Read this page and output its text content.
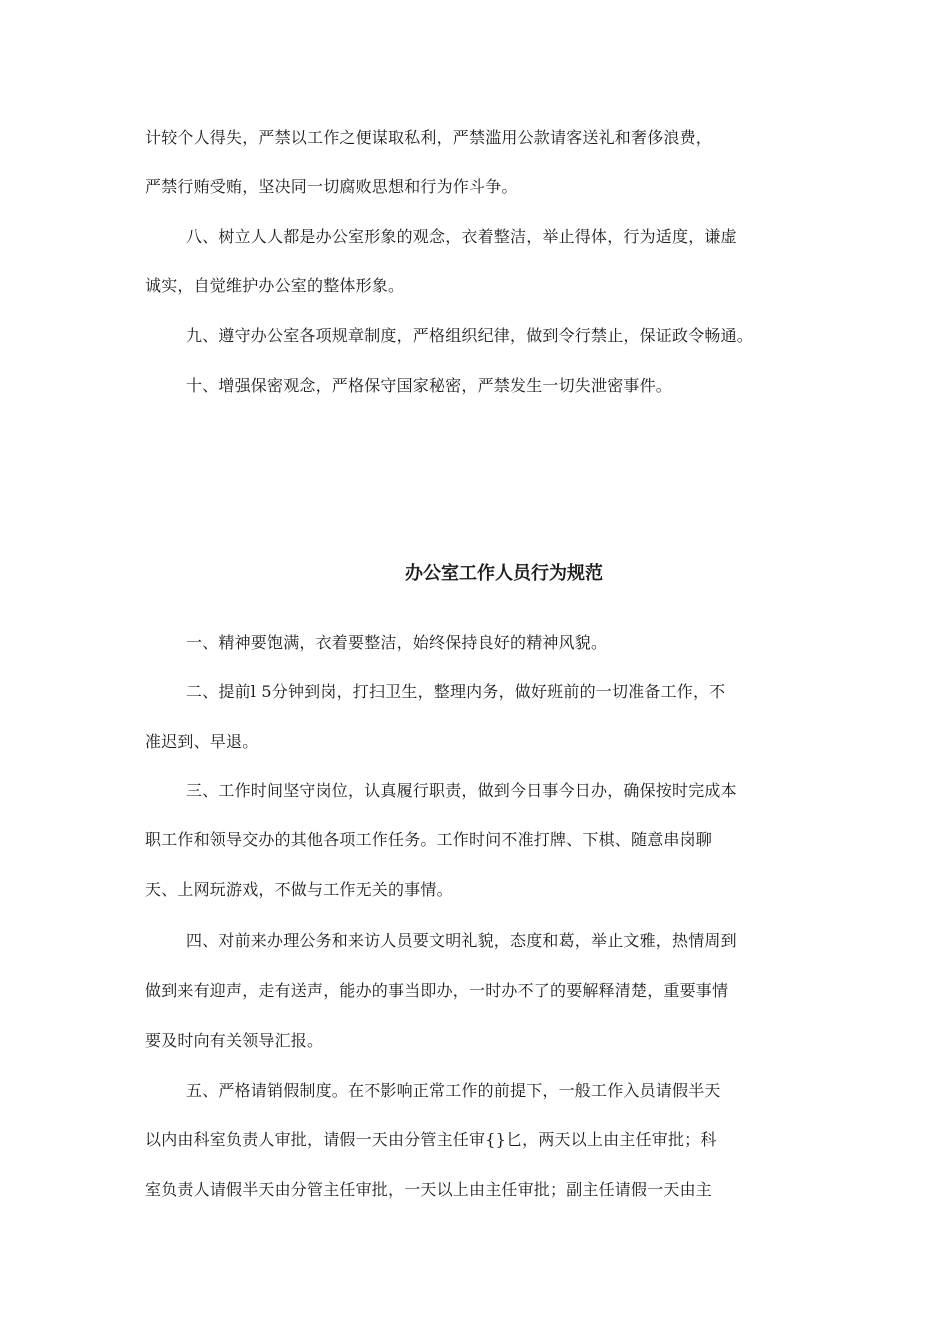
计较个人得失，严禁以工作之便谋取私利，严禁滥用公款请客送礼和奢侈浪费，
严禁行贿受贿，坚决同一切腐败思想和行为作斗争。
八、树立人人都是办公室形象的观念，衣着整洁，举止得体，行为适度，谦虚
诚实，自觉维护办公室的整体形象。
九、遵守办公室各项规章制度，严格组织纪律，做到令行禁止，保证政令畅通。
十、增强保密观念，严格保守国家秘密，严禁发生一切失泄密事件。
办公室工作人员行为规范
一、精神要饱满，衣着要整洁，始终保持良好的精神风貌。
二、提前l 5分钟到岗，打扫卫生，整理内务，做好班前的一切准备工作，不
准迟到、早退。
三、工作时间坚守岗位，认真履行职责，做到今日事今日办，确保按时完成本
职工作和领导交办的其他各项工作任务。工作时问不准打牌、下棋、随意串岗聊
天、上网玩游戏，不做与工作无关的事情。
四、对前来办理公务和来访人员要文明礼貌，态度和葛，举止文雅，热情周到
做到来有迎声，走有送声，能办的事当即办，一时办不了的要解释清楚，重要事情
要及时向有关领导汇报。
五、严格请销假制度。在不影响正常工作的前提下，一般工作入员请假半天
以内由科室负责人审批，请假一天由分管主任审{}匕，两天以上由主任审批；科
室负责人请假半天由分管主任审批，一天以上由主任审批；副主任请假一天由主
